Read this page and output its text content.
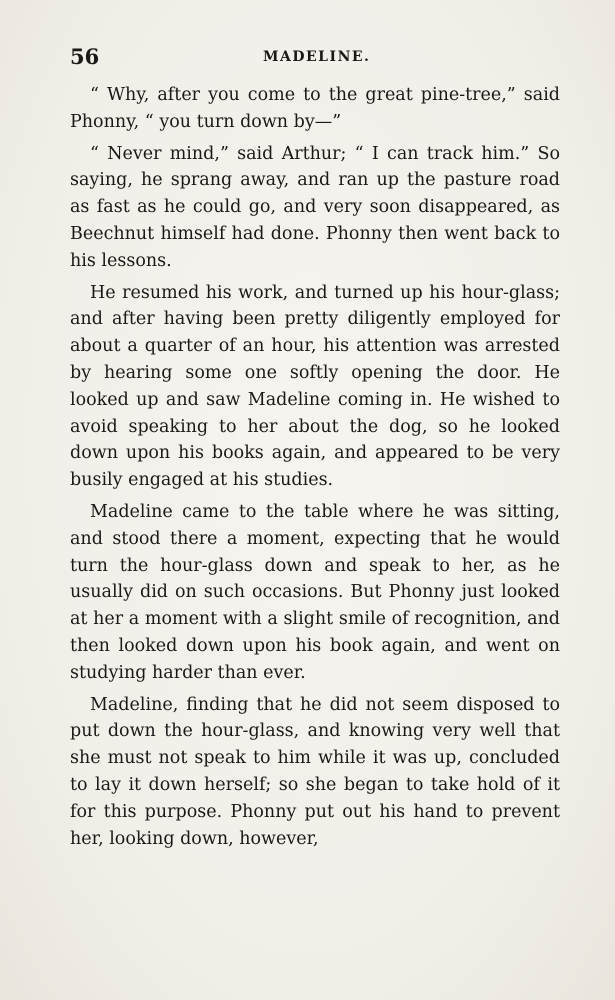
56	MADELINE.

“ Why, after you come to the great pine-tree,” said Phonny, “ you turn down by—”

“ Never mind,” said Arthur; “ I can track him.” So saying, he sprang away, and ran up the pasture road as fast as he could go, and very soon disappeared, as Beechnut himself had done. Phonny then went back to his lessons.

He resumed his work, and turned up his hour-glass; and after having been pretty diligently employed for about a quarter of an hour, his attention was arrested by hearing some one softly opening the door. He looked up and saw Madeline coming in. He wished to avoid speaking to her about the dog, so he looked down upon his books again, and appeared to be very busily engaged at his studies.

Madeline came to the table where he was sitting, and stood there a moment, expecting that he would turn the hour-glass down and speak to her, as he usually did on such occasions. But Phonny just looked at her a moment with a slight smile of recognition, and then looked down upon his book again, and went on studying harder than ever.

Madeline, finding that he did not seem disposed to put down the hour-glass, and knowing very well that she must not speak to him while it was up, concluded to lay it down herself; so she began to take hold of it for this purpose. Phonny put out his hand to prevent her, looking down, however,
